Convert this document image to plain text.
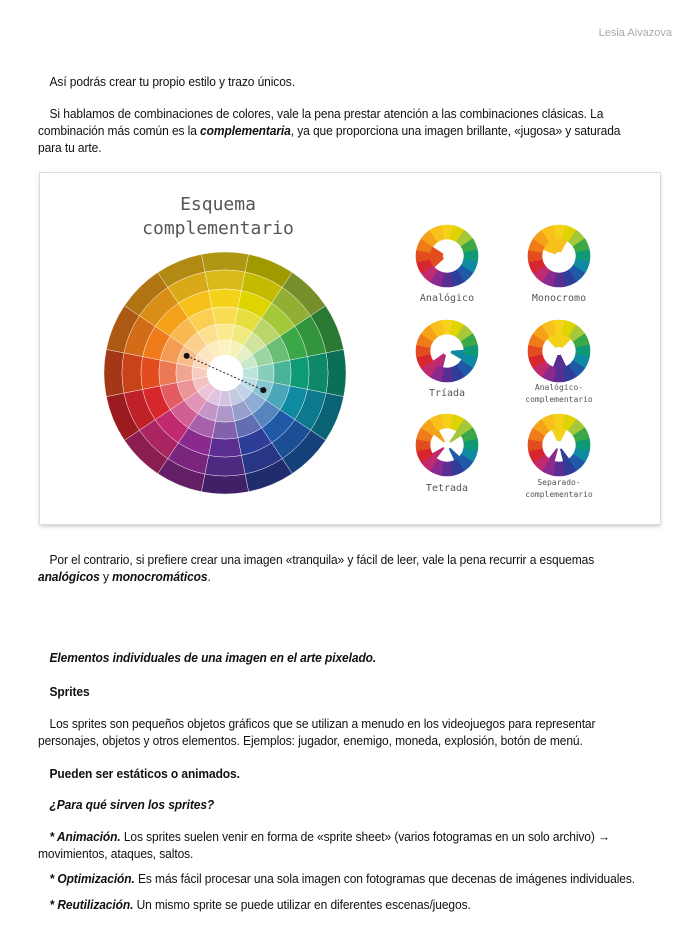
Lesia Aivazova
Así podrás crear tu propio estilo y trazo únicos.
Si hablamos de combinaciones de colores, vale la pena prestar atención a las combinaciones clásicas. La combinación más común es la complementaria, ya que proporciona una imagen brillante, «jugosa» y saturada para tu arte.
Esquema
complementario
Analógico	Monocromo
Tríada
Analógico-
complementario
Tetrada
Separado-
complementario
Por el contrario, si prefiere crear una imagen «tranquila» y fácil de leer, vale la pena recurrir a esquemas analógicos y monocromáticos.
Elementos individuales de una imagen en el arte pixelado.
Sprites
Los sprites son pequeños objetos gráficos que se utilizan a menudo en los videojuegos para representar personajes, objetos y otros elementos. Ejemplos: jugador, enemigo, moneda, explosión, botón de menú.
Pueden ser estáticos o animados.
¿Para qué sirven los sprites?
* Animación. Los sprites suelen venir en forma de «sprite sheet» (varios fotogramas en un solo archivo) → movimientos, ataques, saltos.
* Optimización. Es más fácil procesar una sola imagen con fotogramas que decenas de imágenes individuales.
* Reutilización. Un mismo sprite se puede utilizar en diferentes escenas/juegos.
